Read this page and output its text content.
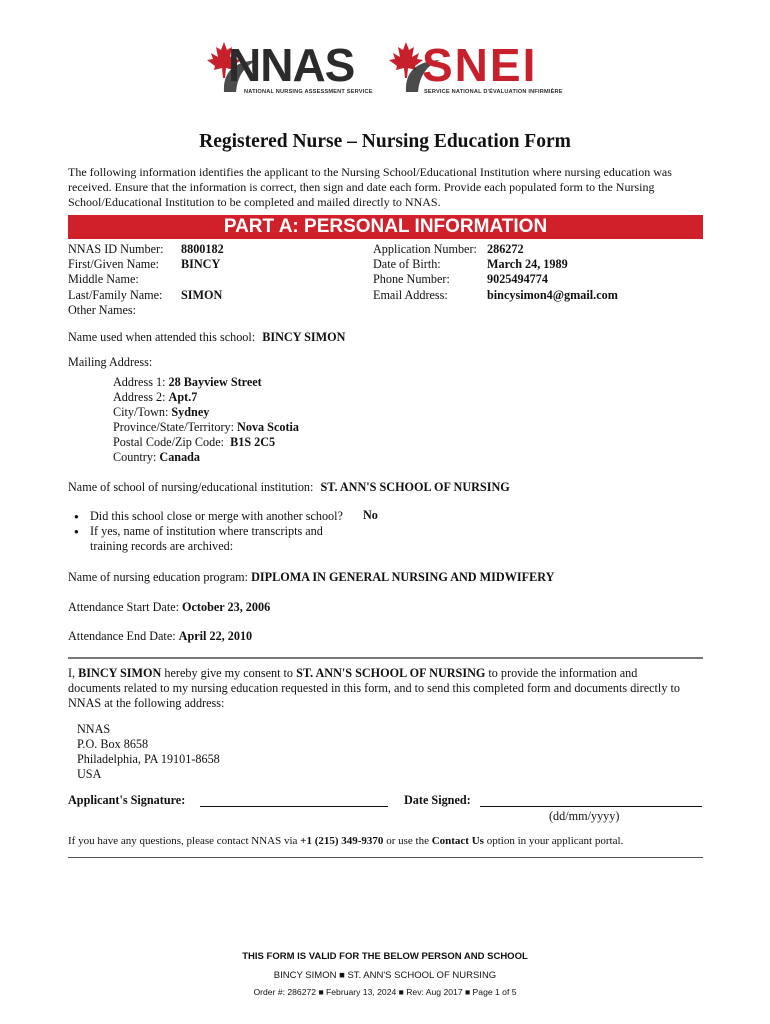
NNAS
NATIONAL NURSING ASSESSMENT SERVICE
SNEI
SERVICE NATIONAL D'ÉVALUATION INFIRMIÈRE
Registered Nurse – Nursing Education Form
The following information identifies the applicant to the Nursing School/Educational Institution where nursing education was received. Ensure that the information is correct, then sign and date each form. Provide each populated form to the Nursing School/Educational Institution to be completed and mailed directly to NNAS.
PART A: PERSONAL INFORMATION
NNAS ID Number: 8800182
First/Given Name: BINCY
Middle Name:
Last/Family Name: SIMON
Other Names:
Application Number: 286272
Date of Birth:	March 24, 1989
Phone Number:	9025494774
Email Address:	bincysimon4@gmail.com
Name used when attended this school: BINCY SIMON
Mailing Address:
Address 1: 28 Bayview Street
Address 2: Apt.7
City/Town: Sydney
Province/State/Territory: Nova Scotia
Postal Code/Zip Code: B1S 2C5
Country: Canada
Name of school of nursing/educational institution: ST. ANN'S SCHOOL OF NURSING
● Did this school close or merge with another school? No
● If yes, name of institution where transcripts and
training records are archived:
Name of nursing education program: DIPLOMA IN GENERAL NURSING AND MIDWIFERY
Attendance Start Date: October 23, 2006
Attendance End Date: April 22, 2010
I, BINCY SIMON hereby give my consent to ST. ANN'S SCHOOL OF NURSING to provide the information and
documents related to my nursing education requested in this form, and to send this completed form and documents directly to
NNAS at the following address:
NNAS
P.O. Box 8658
Philadelphia, PA 19101-8658
USA
Applicant's Signature:	Date Signed:
(dd/mm/yyyy)
If you have any questions, please contact NNAS via +1 (215) 349-9370 or use the Contact Us option in your applicant portal.
THIS FORM IS VALID FOR THE BELOW PERSON AND SCHOOL
BINCY SIMON ■ ST. ANN'S SCHOOL OF NURSING
Order #: 286272 ■ February 13, 2024 ■ Rev: Aug 2017 ■ Page 1 of 5
